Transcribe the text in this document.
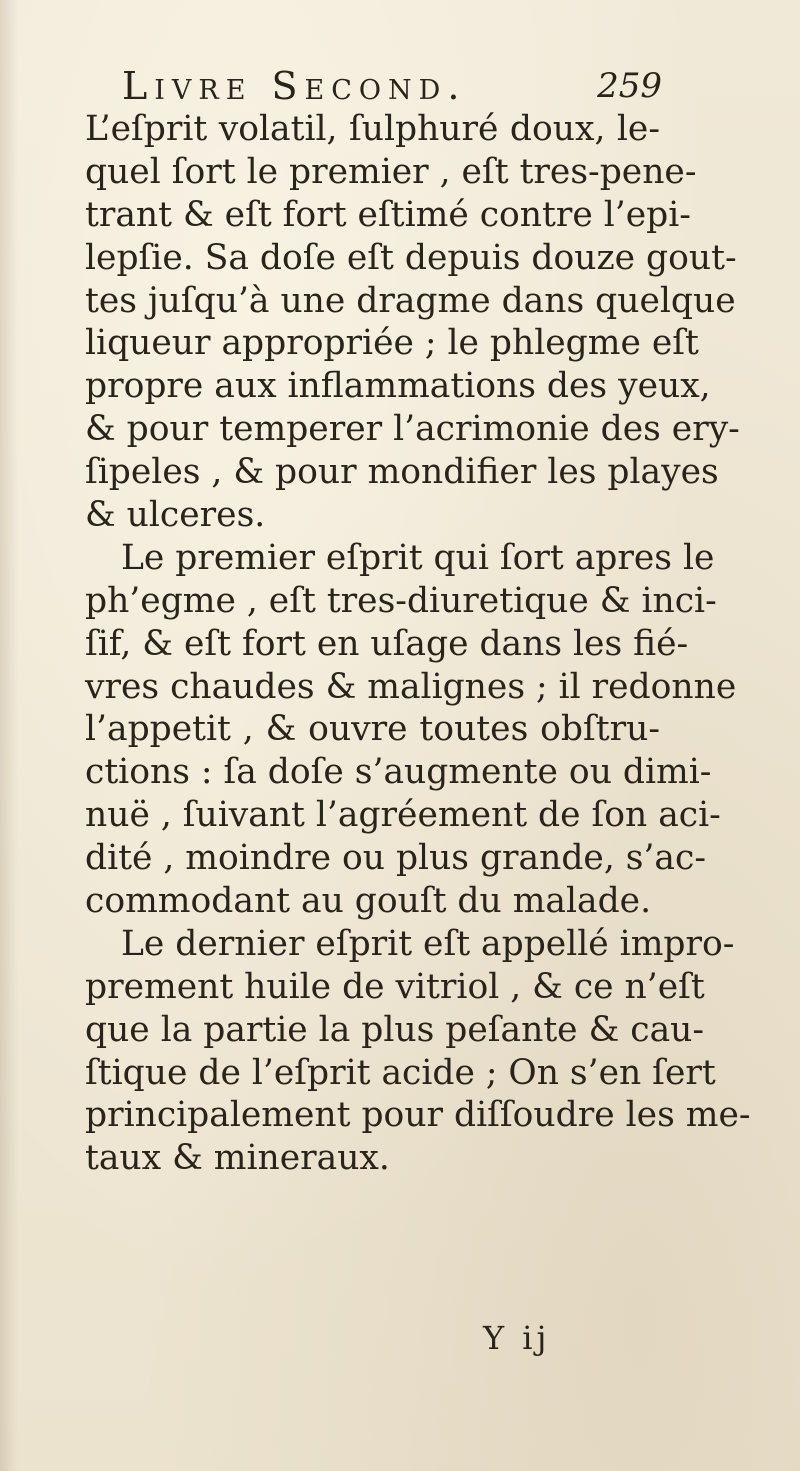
Livre Second.	259
L’eſprit volatil, ſulphuré doux, le-
quel ſort le premier , eſt tres-pene-
trant & eſt fort eſtimé contre l’epi-
lepſie. Sa doſe eſt depuis douze gout-
tes juſqu’à une dragme dans quelque
liqueur appropriée ; le phlegme eſt
propre aux inflammations des yeux,
& pour temperer l’acrimonie des ery-
ſipeles , & pour mondifier les playes
& ulceres.
Le premier eſprit qui ſort apres le
ph’egme , eſt tres-diuretique & inci-
ſif, & eſt fort en uſage dans les fié-
vres chaudes & malignes ; il redonne
l’appetit , & ouvre toutes obſtru-
ctions : ſa doſe s’augmente ou dimi-
nuë , ſuivant l’agréement de ſon aci-
dité , moindre ou plus grande, s’ac-
commodant au gouſt du malade.
Le dernier eſprit eſt appellé impro-
prement huile de vitriol , & ce n’eſt
que la partie la plus peſante & cau-
ſtique de l’eſprit acide ; On s’en ſert
principalement pour diſſoudre les me-
taux & mineraux.
Y ij
